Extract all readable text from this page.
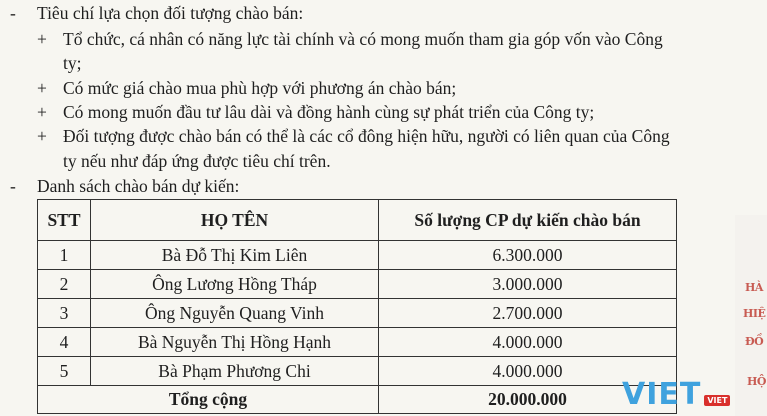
- Tiêu chí lựa chọn đối tượng chào bán:
+ Tổ chức, cá nhân có năng lực tài chính và có mong muốn tham gia góp vốn vào Công
ty;
+ Có mức giá chào mua phù hợp với phương án chào bán;
+ Có mong muốn đầu tư lâu dài và đồng hành cùng sự phát triển của Công ty;
+ Đối tượng được chào bán có thể là các cổ đông hiện hữu, người có liên quan của Công
ty nếu như đáp ứng được tiêu chí trên.
- Danh sách chào bán dự kiến:
STT	HỌ TÊN	Số lượng CP dự kiến chào bán
1	Bà Đỗ Thị Kim Liên	6.300.000
2	Ông Lương Hồng Tháp	3.000.000
3	Ông Nguyễn Quang Vinh	2.700.000
4	Bà Nguyễn Thị Hồng Hạnh	4.000.000
5	Bà Phạm Phương Chi	4.000.000
Tổng cộng		20.000.000
HÀ
HIỆ
ĐỒ
HỘ
VIET VIET
